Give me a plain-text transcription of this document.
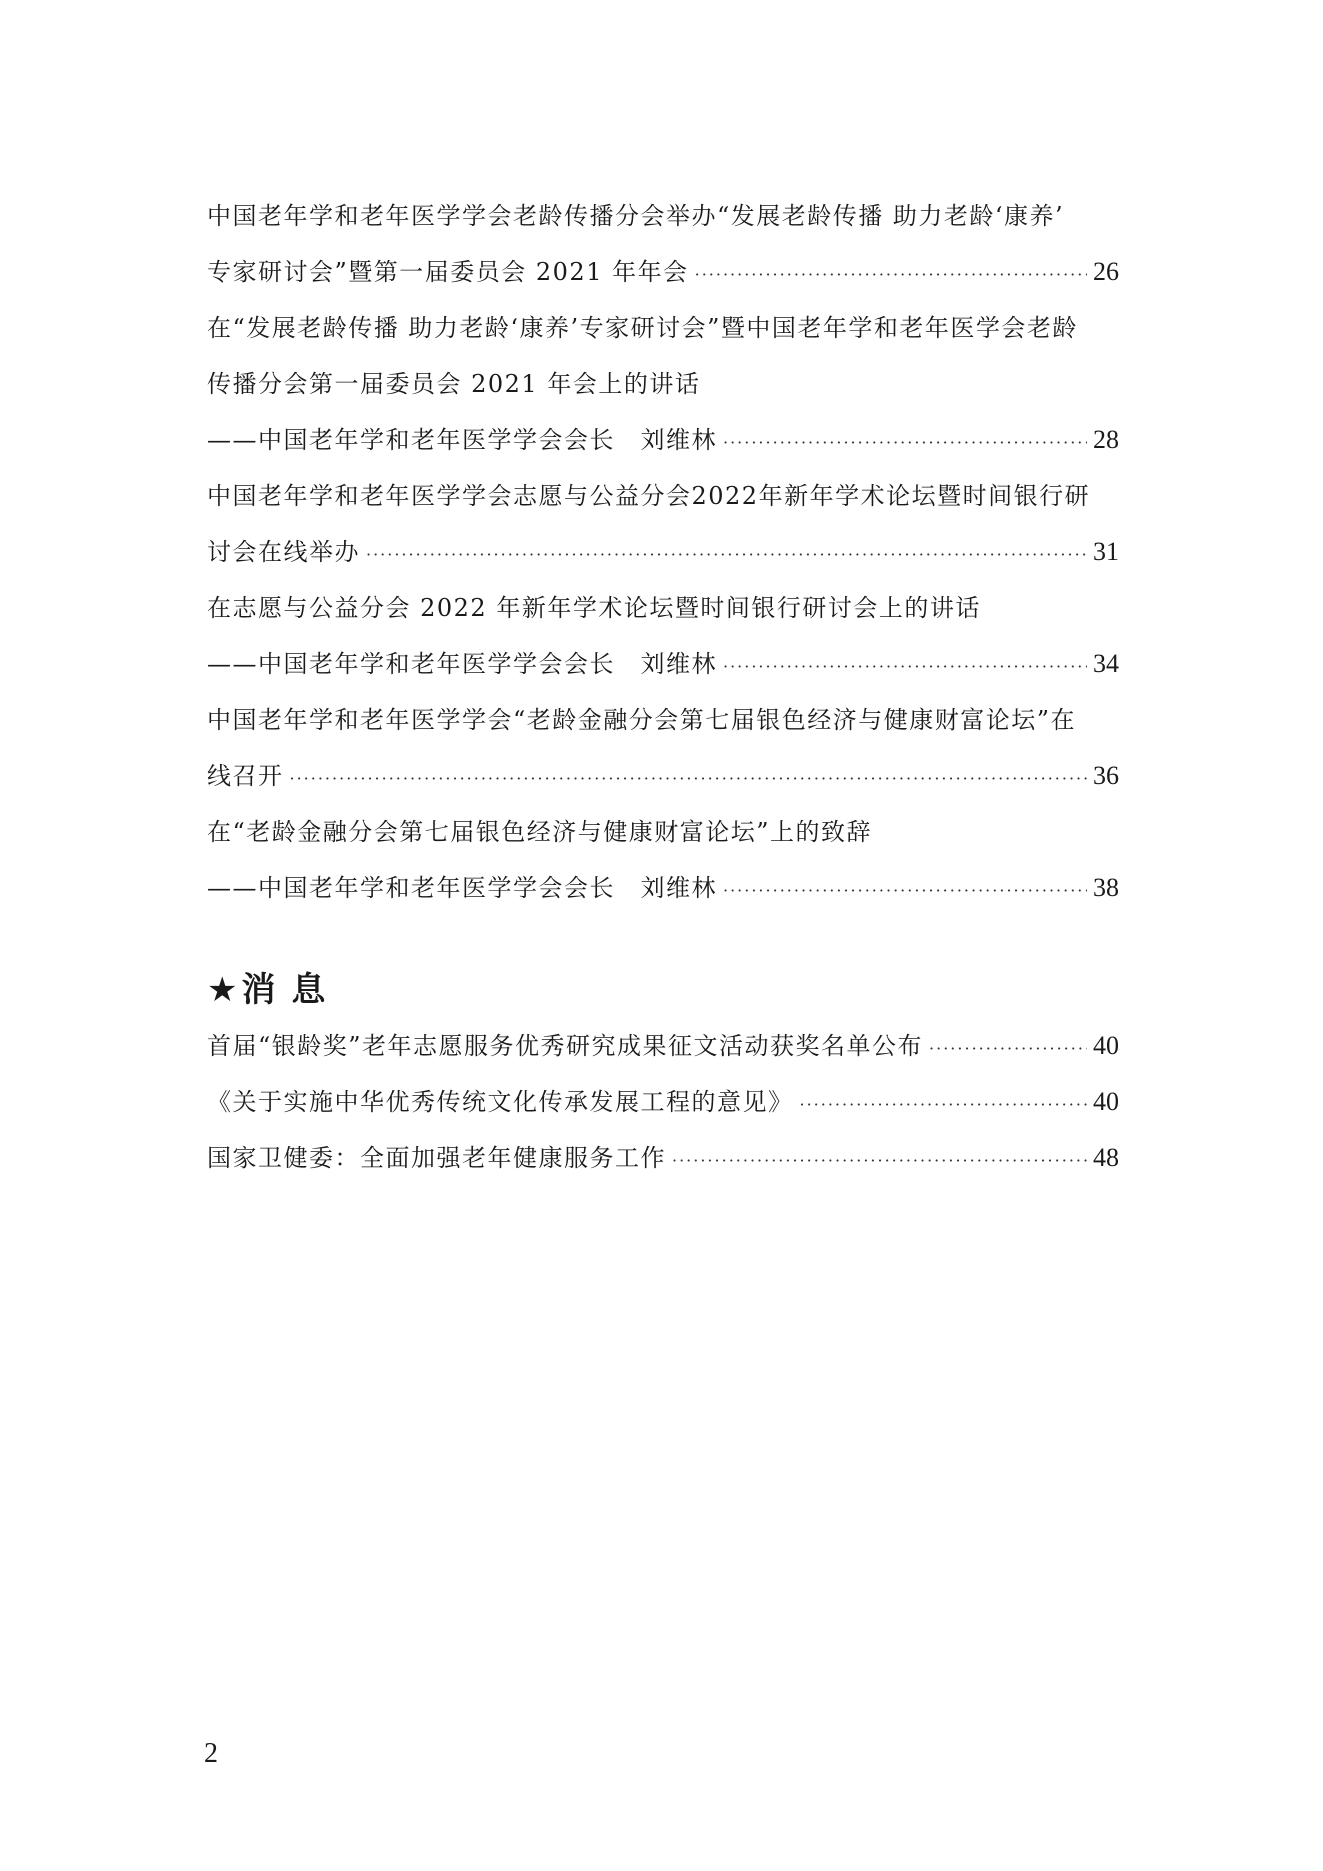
中国老年学和老年医学学会老龄传播分会举办“发展老龄传播 助力老龄‘康养’
专家研讨会”暨第一届委员会 2021 年年会 ·····	26
在“发展老龄传播 助力老龄‘康养’专家研讨会”暨中国老年学和老年医学会老龄
传播分会第一届委员会 2021 年会上的讲话
——中国老年学和老年医学学会会长　刘维林 ·····	28
中国老年学和老年医学学会志愿与公益分会2022年新年学术论坛暨时间银行研
讨会在线举办 ·····	31
在志愿与公益分会 2022 年新年学术论坛暨时间银行研讨会上的讲话
——中国老年学和老年医学学会会长　刘维林 ·····	34
中国老年学和老年医学学会“老龄金融分会第七届银色经济与健康财富论坛”在
线召开 ·····	36
在“老龄金融分会第七届银色经济与健康财富论坛”上的致辞
——中国老年学和老年医学学会会长　刘维林 ·····	38
★消 息
首届“银龄奖”老年志愿服务优秀研究成果征文活动获奖名单公布 ·····	40
《关于实施中华优秀传统文化传承发展工程的意见》 ·····	40
国家卫健委：全面加强老年健康服务工作 ·····	48
2
